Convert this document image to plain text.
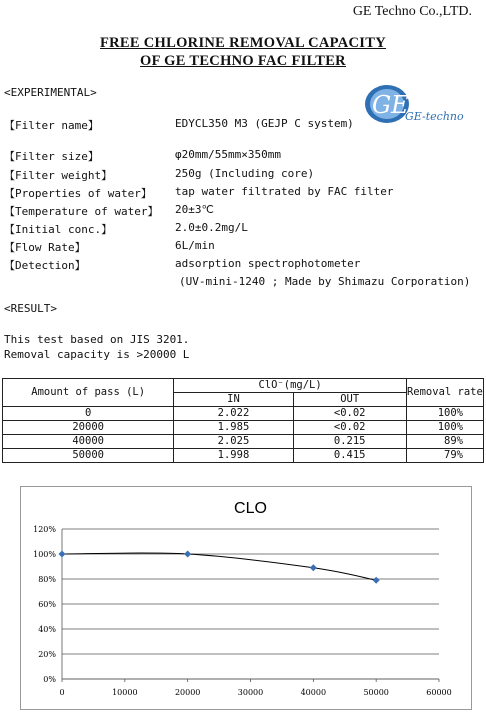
GE Techno Co.,LTD.
FREE CHLORINE REMOVAL CAPACITY
OF GE TECHNO FAC FILTER
<EXPERIMENTAL>	GE
GE-techno
【Filter name】	EDYCL350 M3 (GEJP C system)
【Filter size】	φ20mm/55mm×350mm
【Filter weight】	250g (Including core)
【Properties of water】 tap water filtrated by FAC filter
【Temperature of water】 20±3℃
【Initial conc.】	2.0±0.2mg/L
【Flow Rate】	6L/min
【Detection】	adsorption spectrophotometer
(UV-mini-1240 ; Made by Shimazu Corporation)
<RESULT>
This test based on JIS 3201.
Removal capacity is >20000 L
Amount of pass (L)	ClO⁻(mg/L)		Removal rate
	IN	OUT	
0	2.022	<0.02	100%
20000	1.985	<0.02	100%
40000	2.025	0.215	89%
50000	1.998	0.415	79%
CLO
0%
20%
40%
60%
80%
100%
120%
0	10000	20000	30000	40000	50000	60000
